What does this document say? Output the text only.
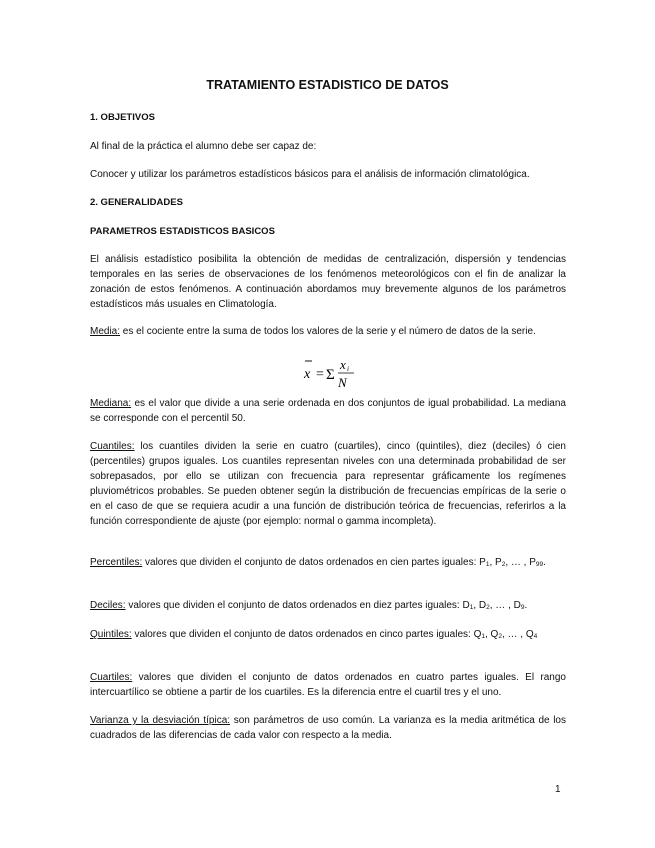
TRATAMIENTO ESTADISTICO DE DATOS
1. OBJETIVOS
Al final de la práctica el alumno debe ser capaz de:
Conocer y utilizar los parámetros estadísticos básicos para el análisis de información climatológica.
2. GENERALIDADES
PARAMETROS ESTADISTICOS BASICOS
El análisis estadístico posibilita la obtención de medidas de centralización, dispersión y tendencias temporales en las series de observaciones de los fenómenos meteorológicos con el fin de analizar la zonación de estos fenómenos. A continuación abordamos muy brevemente algunos de los parámetros estadísticos más usuales en Climatología.
Media: es el cociente entre la suma de todos los valores de la serie y el número de datos de la serie.
x = Σ
x i
N
Mediana: es el valor que divide a una serie ordenada en dos conjuntos de igual probabilidad. La mediana se corresponde con el percentil 50.
Cuantiles: los cuantiles dividen la serie en cuatro (cuartiles), cinco (quintiles), diez (deciles) ó cien (percentiles) grupos iguales. Los cuantiles representan niveles con una determinada probabilidad de ser sobrepasados, por ello se utilizan con frecuencia para representar gráficamente los regímenes pluviométricos probables. Se pueden obtener según la distribución de frecuencias empíricas de la serie o en el caso de que se requiera acudir a una función de distribución teórica de frecuencias, referirlos a la función correspondiente de ajuste (por ejemplo: normal o gamma incompleta).
Percentiles: valores que dividen el conjunto de datos ordenados en cien partes iguales: $P_1$, $P_2$, … , $P_{99}$.
Deciles: valores que dividen el conjunto de datos ordenados en diez partes iguales: $D_1$, $D_2$, … , $D_9$.
Quintiles: valores que dividen el conjunto de datos ordenados en cinco partes iguales: $Q_1$, $Q_2$, … , $Q_4$
Cuartiles: valores que dividen el conjunto de datos ordenados en cuatro partes iguales. El rango intercuartílico se obtiene a partir de los cuartiles. Es la diferencia entre el cuartil tres y el uno.
Varianza y la desviación típica: son parámetros de uso común. La varianza es la media aritmética de los cuadrados de las diferencias de cada valor con respecto a la media.
1
